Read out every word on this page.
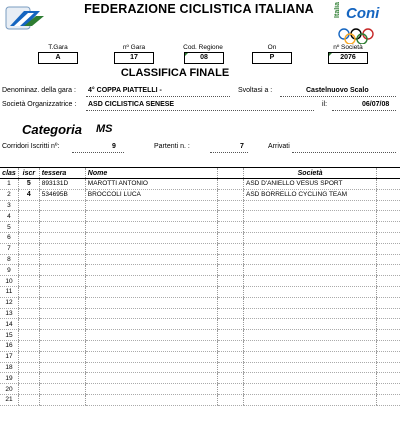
FEDERAZIONE CICLISTICA ITALIANA	Italia Coni
T.Gara
A
nº Gara
17
Cod. Regione
08
On
P
nº Società
2076
CLASSIFICA FINALE
Denominaz. della gara : 4° COPPA PIATTELLI -	Svoltasi a :	Castelnuovo Scalo
Società Organizzatrice : ASD CICLISTICA SENESE	il:	06/07/08
Categoria MS
Corridori Iscritti nº:	9	Partenti n. :	7	Arrivati
clas	iscr	tessera	Nome		Società	
1	5	893131D	MAROTTI ANTONIO		ASD D'ANIELLO VESUS SPORT	
2	4	534695B	BROCCOLI LUCA		ASD BORRELLO CYCLING TEAM	
3						
4						
5						
6						
7						
8						
9						
10						
11						
12						
13						
14						
15						
16						
17						
18						
19						
20						
21						
